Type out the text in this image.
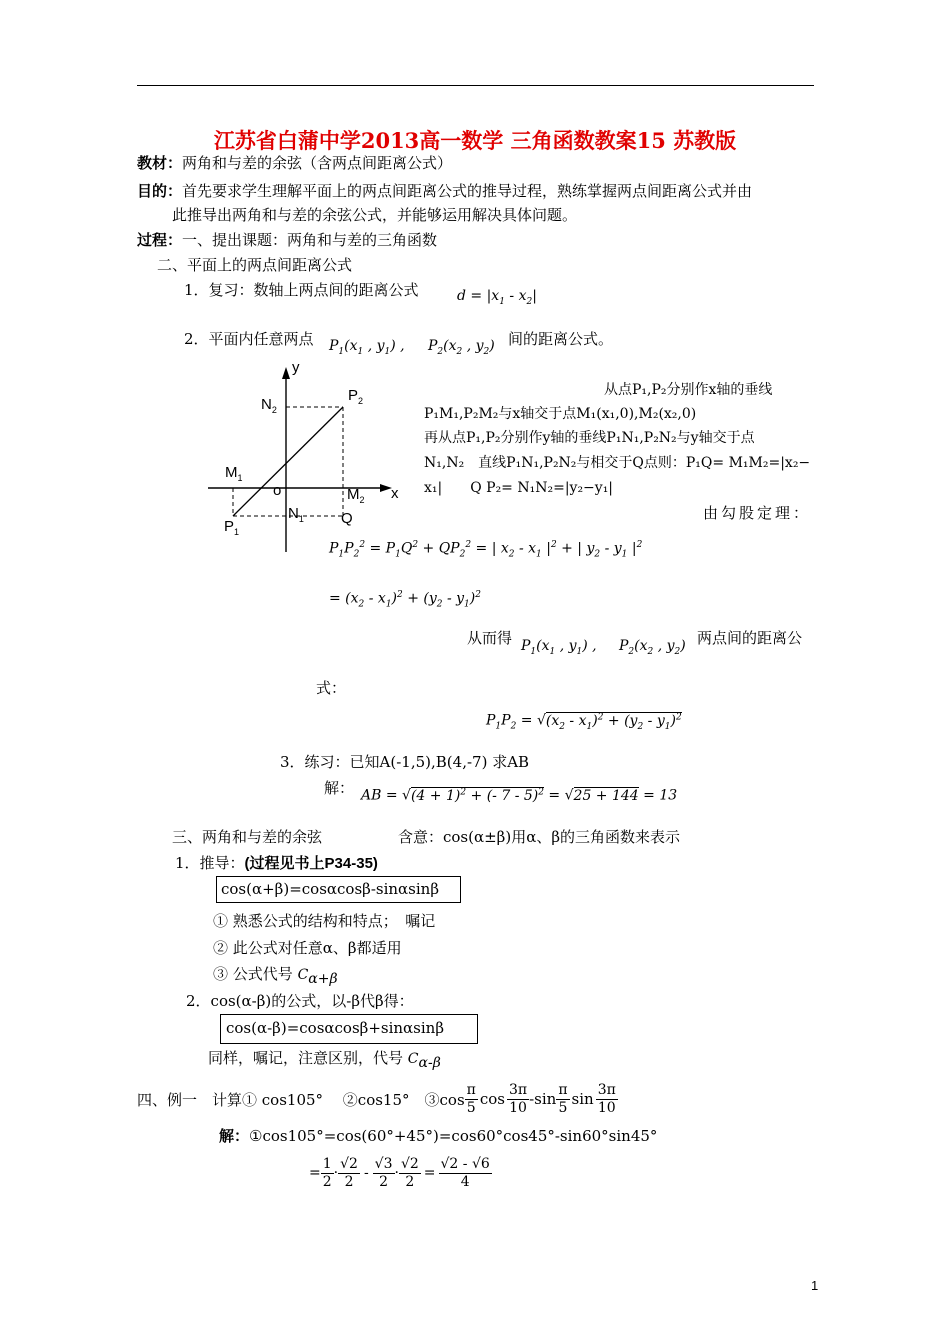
江苏省白蒲中学2013高一数学 三角函数教案15 苏教版
教材：两角和与差的余弦（含两点间距离公式）
目的：首先要求学生理解平面上的两点间距离公式的推导过程，熟练掌握两点间距离公式并由
此推导出两角和与差的余弦公式，并能够运用解决具体问题。
过程：一、提出课题：两角和与差的三角函数
二、平面上的两点间距离公式
1．复习：数轴上两点间的距离公式	$d = |x_1 - x_2|$
2．平面内任意两点 $P_1(x_1$ , $y_1$) , $P_2(x_2$ , $y_2$) 间的距离公式。
y
x
o
$P_2$
$N_2$
$M_1$
$M_2$
$N_1$ Q
$P_1$
从点P₁,P₂分别作x轴的垂线
P₁M₁,P₂M₂与x轴交于点M₁(x₁,0),M₂(x₂,0)
再从点P₁,P₂分别作y轴的垂线P₁N₁,P₂N₂与y轴交于点
N₁,N₂　直线P₁N₁,P₂N₂与相交于Q点则：P₁Q= M₁M₂=|x₂−
x₁|　　Q P₂= N₁N₂=|y₂−y₁|
由勾股定理：
$P_1P_2^2 = P_1Q^2 + QP_2^2$ = | $x_2 - x_1$ $|^2$ + | $y_2 - y_1$ $|^2$
= $(x_2 - x_1)^2 + (y_2 - y_1)^2$
从而得 $P_1(x_1$ , $y_1$) , $P_2(x_2$ , $y_2$) 两点间的距离公
式：
$P_1P_2 = √(x_2 - x_1)^2 + (y_2 - y_1)^2$
3．练习：已知A(-1,5),B(4,-7) 求AB
解： AB = $√(4 + 1)^2$ + (- 7 - 5)$^2$ = √25 + 144 = 13
三、两角和与差的余弦	含意：cos(α±β)用α、β的三角函数来表示
1．推导：(过程见书上P34-35)
cos(α+β)=cosαcosβ-sinαsinβ
① 熟悉公式的结构和特点；　嘱记
② 此公式对任意α、β都适用
③ 公式代号 $C_{\alpha+\beta}$
2．cos(α-β)的公式，以-β代β得：
cos(α-β)=cosαcosβ+sinαsinβ
同样，嘱记，注意区别，代号 $C_{\alpha-\beta}$
四、例一　计算① cos105°　 ②cos15°　③cos $\frac{\pi}{5}$ $\cos \frac{3\pi}{10} -\sin \frac{\pi}{5}$ $\sin \frac{3\pi}{10}$
解：①cos105°=cos(60°+45°)=cos60°cos45°-sin60°sin45°
= $\frac{1}{2} \cdot \frac{√2}{2} - \frac{√3}{2} \cdot \frac{√2}{2} = \frac{√2 - √6}{4}$
1
